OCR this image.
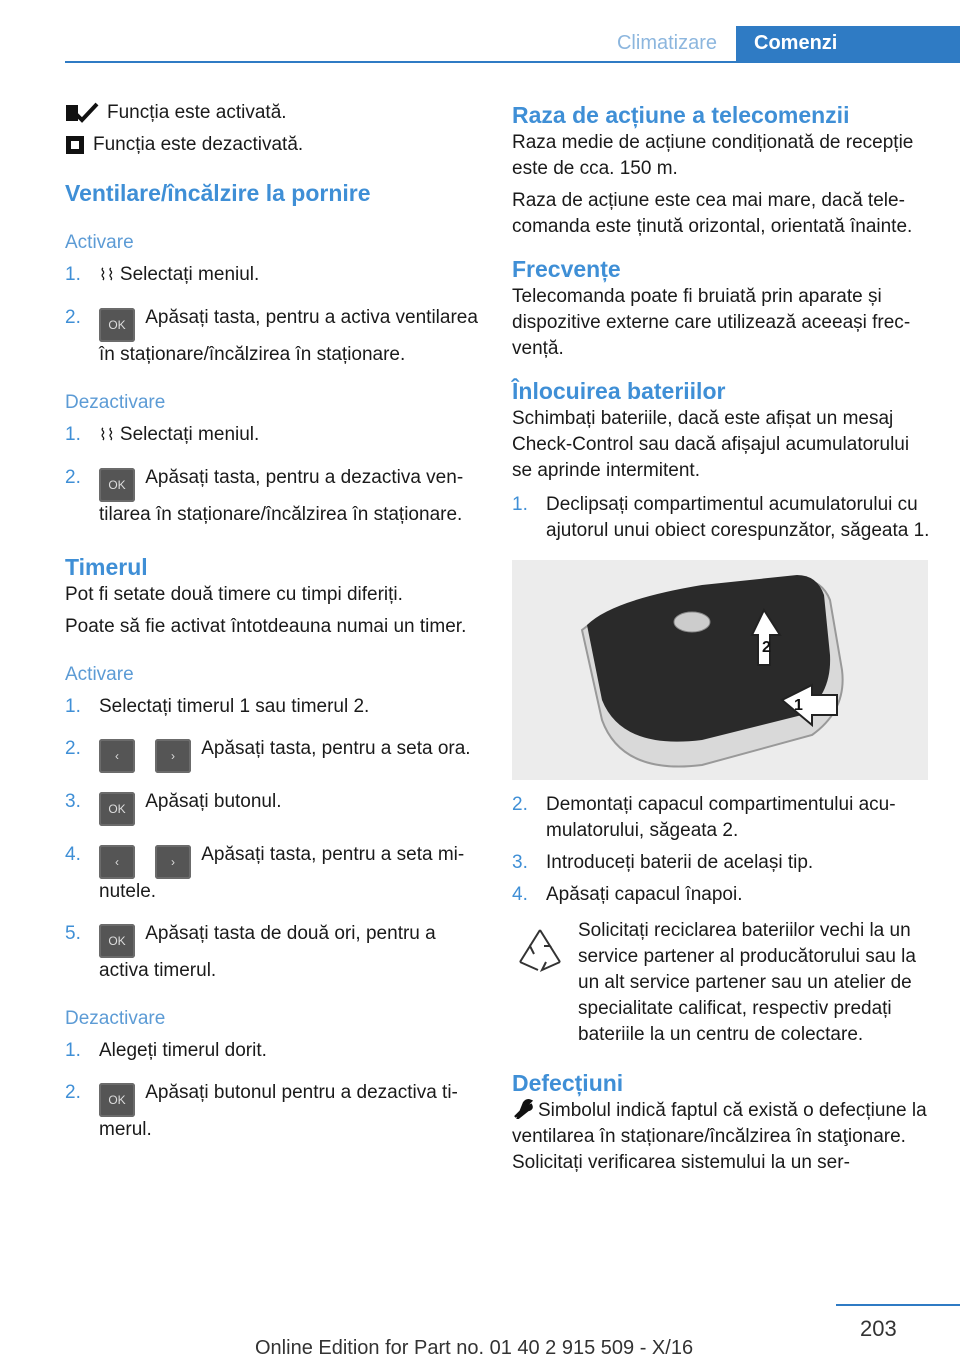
Climatizare	Comenzi
Funcția este activată.
Funcția este dezactivată.

Ventilare/încălzire la pornire

Activare

1. ⌇⌇ Selectați meniul.
2. OK Apăsați tasta, pentru a activa ventilarea în staționare/încălzirea în staționare.

Dezactivare

1. ⌇⌇ Selectați meniul.
2. OK Apăsați tasta, pentru a dezactiva ventilarea în staționare/încălzirea în staționare.

Timerul

Pot fi setate două timere cu timpi diferiți.

Poate să fie activat întotdeauna numai un timer.

Activare

1. Selectați timerul 1 sau timerul 2.
2.	‹	› Apăsați tasta, pentru a seta ora.
3. OK Apăsați butonul.
4.	‹	› Apăsați tasta, pentru a seta minutele.
5. OK Apăsați tasta de două ori, pentru a activa timerul.

Dezactivare

1. Alegeți timerul dorit.
2. OK Apăsați butonul pentru a dezactiva timerul.

Raza de acțiune a telecomenzii

Raza medie de acțiune condiționată de recepție este de cca. 150 m.

Raza de acțiune este cea mai mare, dacă telecomanda este ținută orizontal, orientată înainte.

Frecvențe

Telecomanda poate fi bruiată prin aparate și dispozitive externe care utilizează aceeași frecvență.

Înlocuirea bateriilor

Schimbați bateriile, dacă este afișat un mesaj Check-Control sau dacă afișajul acumulatorului se aprinde intermitent.

1. Declipsați compartimentul acumulatorului cu ajutorul unui obiect corespunzător, săgeata 1.
2
1
2. Demontați capacul compartimentului acumulatorului, săgeata 2.
3. Introduceți baterii de același tip.
4. Apăsați capacul înapoi.

Solicitați reciclarea bateriilor vechi la un service partener al producătorului sau la un alt service partener sau un atelier de specialitate calificat, respectiv predați bateriile la un centru de colectare.

Defecțiuni

Simbolul indică faptul că există o defecțiune la ventilarea în staționare/încălzirea în staţionare. Solicitați verificarea sistemului la un ser-

203
Online Edition for Part no. 01 40 2 915 509 - X/16
